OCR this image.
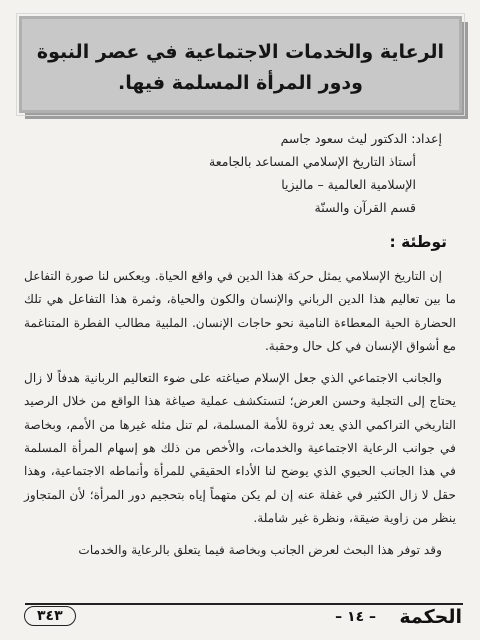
الرعاية والخدمات الاجتماعية في عصر النبوة
ودور المرأة المسلمة فيها.
إعداد: الدكتور ليث سعود جاسم
أستاذ التاريخ الإسلامي المساعد بالجامعة
الإسلامية العالمية – ماليزيا
قسم القرآن والسنّة
توطئة :

إن التاريخ الإسلامي يمثل حركة هذا الدين في واقع الحياة. ويعكس لنا صورة التفاعل ما بين تعاليم هذا الدين الرباني والإنسان والكون والحياة، وثمرة هذا التفاعل هي تلك الحضارة الحية المعطاءة النامية نحو حاجات الإنسان. الملبية مطالب الفطرة المتناغمة مع أشواق الإنسان في كل حال وحقبة.

والجانب الاجتماعي الذي جعل الإسلام صياغته على ضوء التعاليم الربانية هدفاً لا زال يحتاج إلى التجلية وحسن العرض؛ لتستكشف عملية صياغة هذا الواقع من خلال الرصيد التاريخي التراكمي الذي يعد ثروة للأمة المسلمة، لم تنل مثله غيرها من الأمم، وبخاصة في جوانب الرعاية الاجتماعية والخدمات، والأخص من ذلك هو إسهام المرأة المسلمة في هذا الجانب الحيوي الذي يوضح لنا الأداء الحقيقي للمرأة وأنماطه الاجتماعية، وهذا حقل لا زال الكثير في غفلة عنه إن لم يكن متهماً إياه بتحجيم دور المرأة؛ لأن المتجاوز ينظر من زاوية ضيقة، ونظرة غير شاملة.

وقد توفر هذا البحث لعرض الجانب وبخاصة فيما يتعلق بالرعاية والخدمات

الحكمة
– ١٤ –
٣٤٣
